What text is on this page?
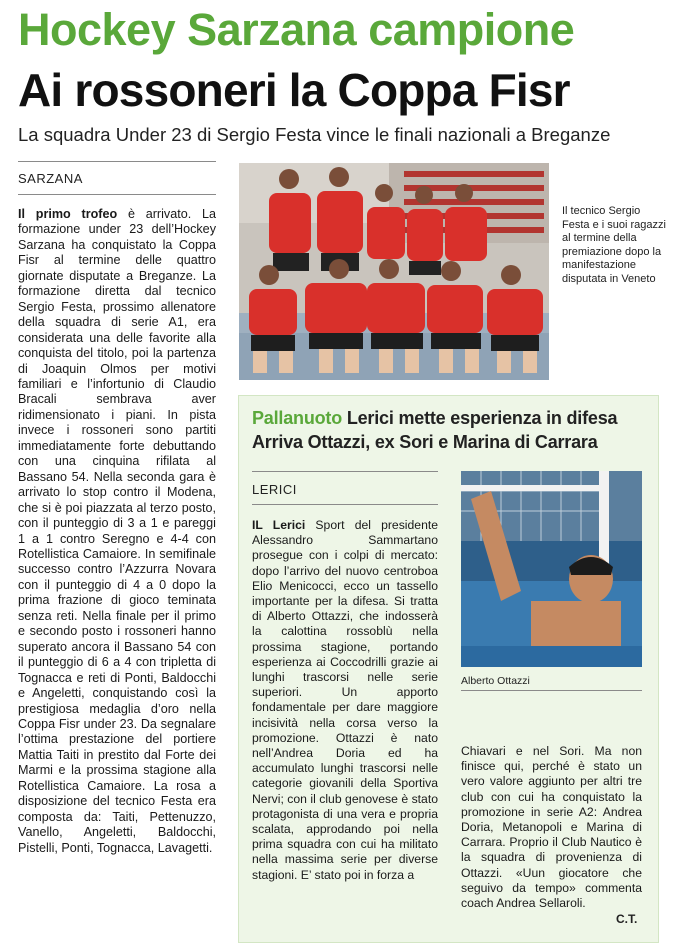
Hockey Sarzana campione
Ai rossoneri la Coppa Fisr
La squadra Under 23 di Sergio Festa vince le finali nazionali a Breganze
SARZANA
Il primo trofeo è arrivato. La formazione under 23 dell’Hockey Sarzana ha conquistato la Coppa Fisr al termine delle quattro giornate disputate a Breganze. La formazione diretta dal tecnico Sergio Festa, prossimo allenatore della squadra di serie A1, era considerata una delle favorite alla conquista del titolo, poi la partenza di Joaquin Olmos per motivi familiari e l’infortunio di Claudio Bracali sembrava aver ridimensionato i piani. In pista invece i rossoneri sono partiti immediatamente forte debuttando con una cinquina rifilata al Bassano 54. Nella seconda gara è arrivato lo stop contro il Modena, che si è poi piazzata al terzo posto, con il punteggio di 3 a 1 e pareggi 1 a 1 contro Seregno e 4-4 con Rotellistica Camaiore. In semifinale successo contro l’Azzurra Novara con il punteggio di 4 a 0 dopo la prima frazione di gioco teminata senza reti. Nella finale per il primo e secondo posto i rossoneri hanno superato ancora il Bassano 54 con il punteggio di 6 a 4 con tripletta di Tognacca e reti di Ponti, Baldocchi e Angeletti, conquistando così la prestigiosa medaglia d’oro nella Coppa Fisr under 23. Da segnalare l’ottima prestazione del portiere Mattia Taiti in prestito dal Forte dei Marmi e la prossima stagione alla Rotellistica Camaiore. La rosa a disposizione del tecnico Festa era composta da: Taiti, Pettenuzzo, Vanello, Angeletti, Baldocchi, Pistelli, Ponti, Tognacca, Lavagetti.
Il tecnico Sergio Festa e i suoi ragazzi al termine della premiazione dopo la manifestazione disputata in Veneto
Pallanuoto Lerici mette esperienza in difesa
Arriva Ottazzi, ex Sori e Marina di Carrara
LERICI
IL Lerici Sport del presidente Alessandro Sammartano prosegue con i colpi di mercato: dopo l’arrivo del nuovo centroboa Elio Menicocci, ecco un tassello importante per la difesa. Si tratta di Alberto Ottazzi, che indosserà la calottina rossoblù nella prossima stagione, portando esperienza ai Coccodrilli grazie ai lunghi trascorsi nelle serie superiori. Un apporto fondamentale per dare maggiore incisività nella corsa verso la promozione. Ottazzi è nato nell’Andrea Doria ed ha accumulato lunghi trascorsi nelle categorie giovanili della Sportiva Nervi; con il club genovese è stato protagonista di una vera e propria scalata, approdando poi nella prima squadra con cui ha militato nella massima serie per diverse stagioni. E’ stato poi in forza a
Alberto Ottazzi
Chiavari e nel Sori. Ma non finisce qui, perché è stato un vero valore aggiunto per altri tre club con cui ha conquistato la promozione in serie A2: Andrea Doria, Metanopoli e Marina di Carrara. Proprio il Club Nautico è la squadra di provenienza di Ottazzi. «Uun giocatore che seguivo da tempo» commenta coach Andrea Sellaroli.
C.T.
